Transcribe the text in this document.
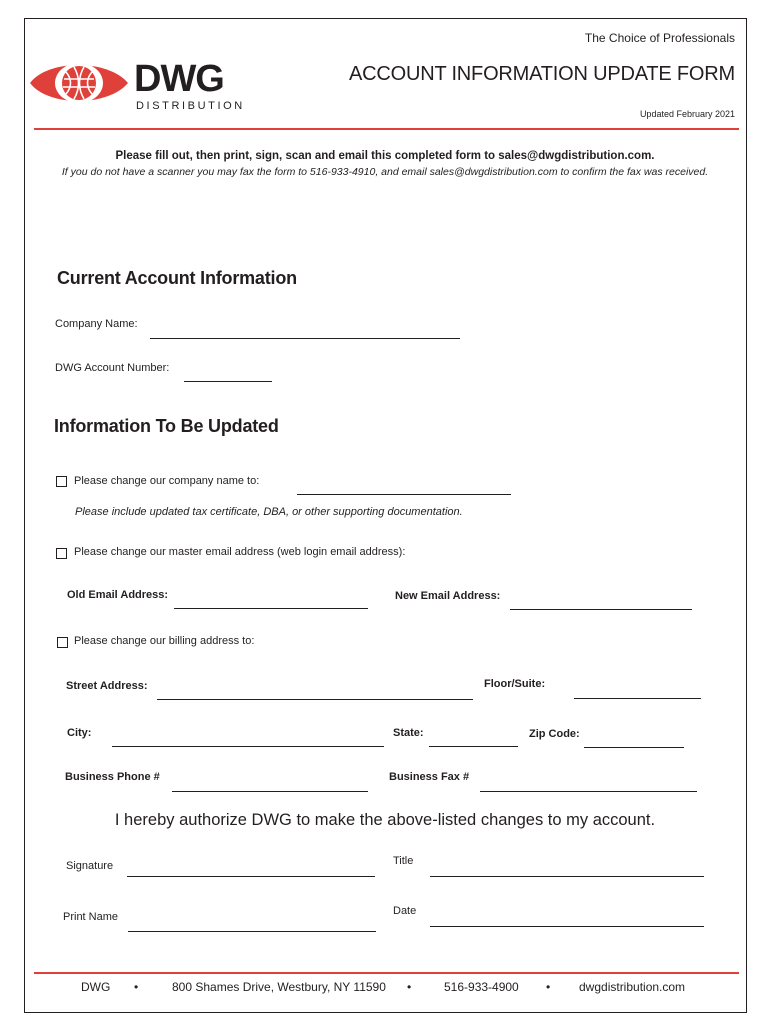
The Choice of Professionals
DWG
DISTRIBUTION
ACCOUNT INFORMATION UPDATE FORM
Updated February 2021
Please fill out, then print, sign, scan and email this completed form to sales@dwgdistribution.com.
If you do not have a scanner you may fax the form to 516-933-4910, and email sales@dwgdistribution.com to confirm the fax was received.
Current Account Information
Company Name:
DWG Account Number:
Information To Be Updated
Please change our company name to:
Please include updated tax certificate, DBA, or other supporting documentation.
Please change our master email address (web login email address):
Old Email Address:	New Email Address:
Please change our billing address to:
Street Address:	Floor/Suite:
City:	State:	Zip Code:
Business Phone #	Business Fax #
I hereby authorize DWG to make the above-listed changes to my account.
Signature	Title
Print Name	Date
DWG •	800 Shames Drive, Westbury, NY 11590 •	516-933-4900 • dwgdistribution.com
